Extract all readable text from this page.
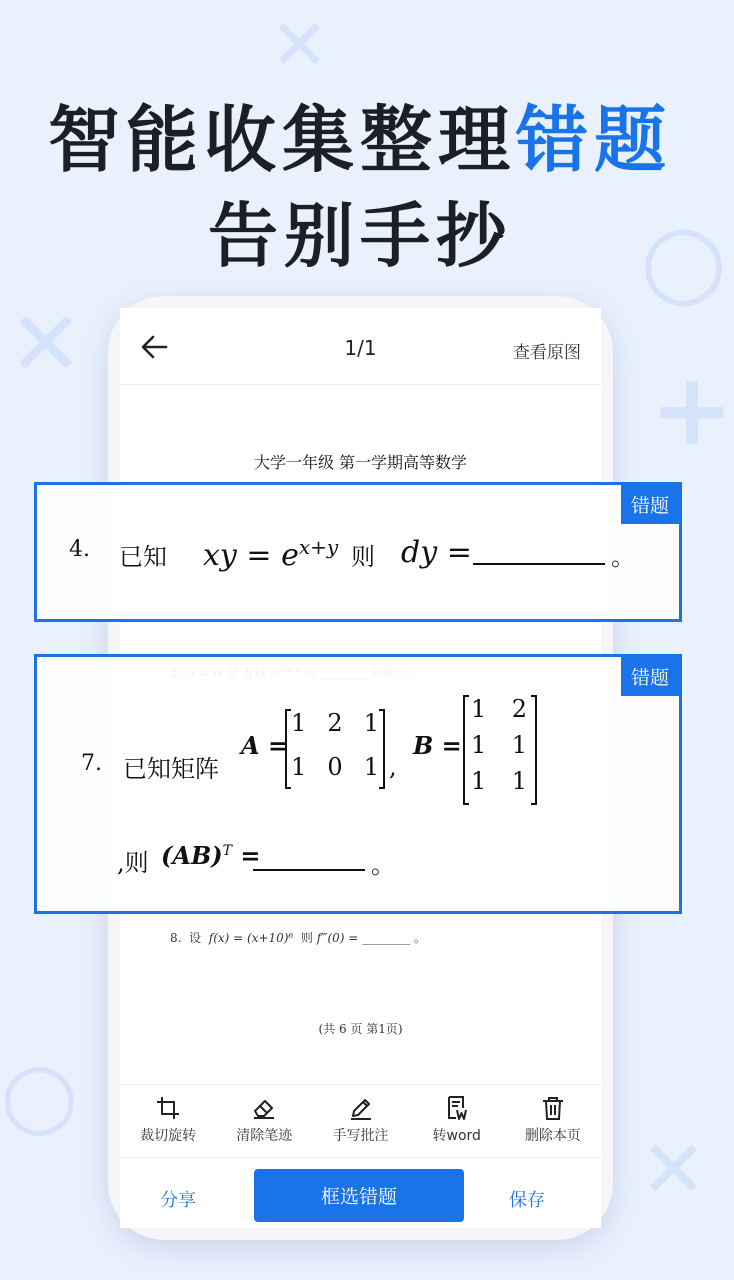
✕
○
+
✕
○
✕
智能收集整理错题
告别手抄
1/1	查看原图
大学一年级 第一学期高等数学

8. 设 f(x) = (x+10)⁶ 则 f‴(0) = ________ 。
(共 6 页 第1页)
裁切旋转	清除笔迹	手写批注	转word	删除本页
分享	框选错题	保存
错题
4. 已知 xy = $e^{x+y}$ 则 dy =	。
错题
7. 已知矩阵
A =
1 2 1
1 0 1 ,
B =
1 2
1 1
1 1
,则 (AB)$^T$ =	。
